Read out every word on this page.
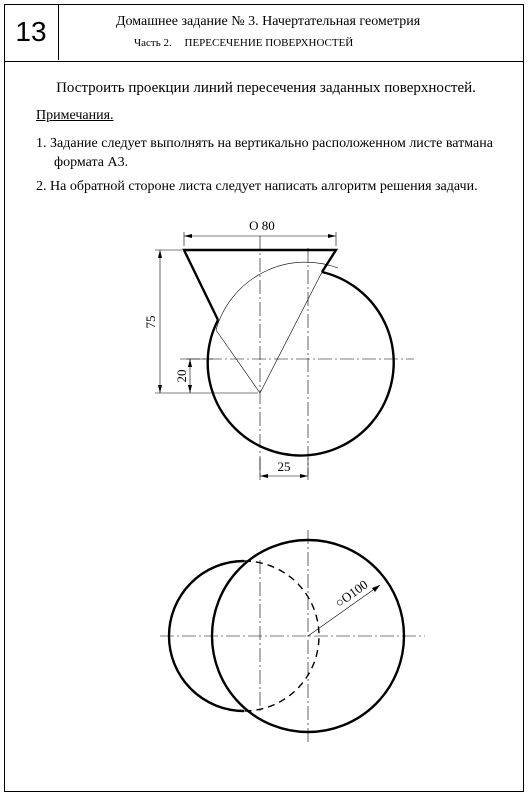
13	Домашнее задание № 3. Начертательная геометрия
Часть 2. ПЕРЕСЕЧЕНИЕ ПОВЕРХНОСТЕЙ
Построить проекции линий пересечения заданных поверхностей.
Примечания.
1. Задание следует выполнять на вертикально расположенном листе ватмана
формата А3.
2. На обратной стороне листа следует написать алгоритм решения задачи.
O 80
75
20
25
○O100
